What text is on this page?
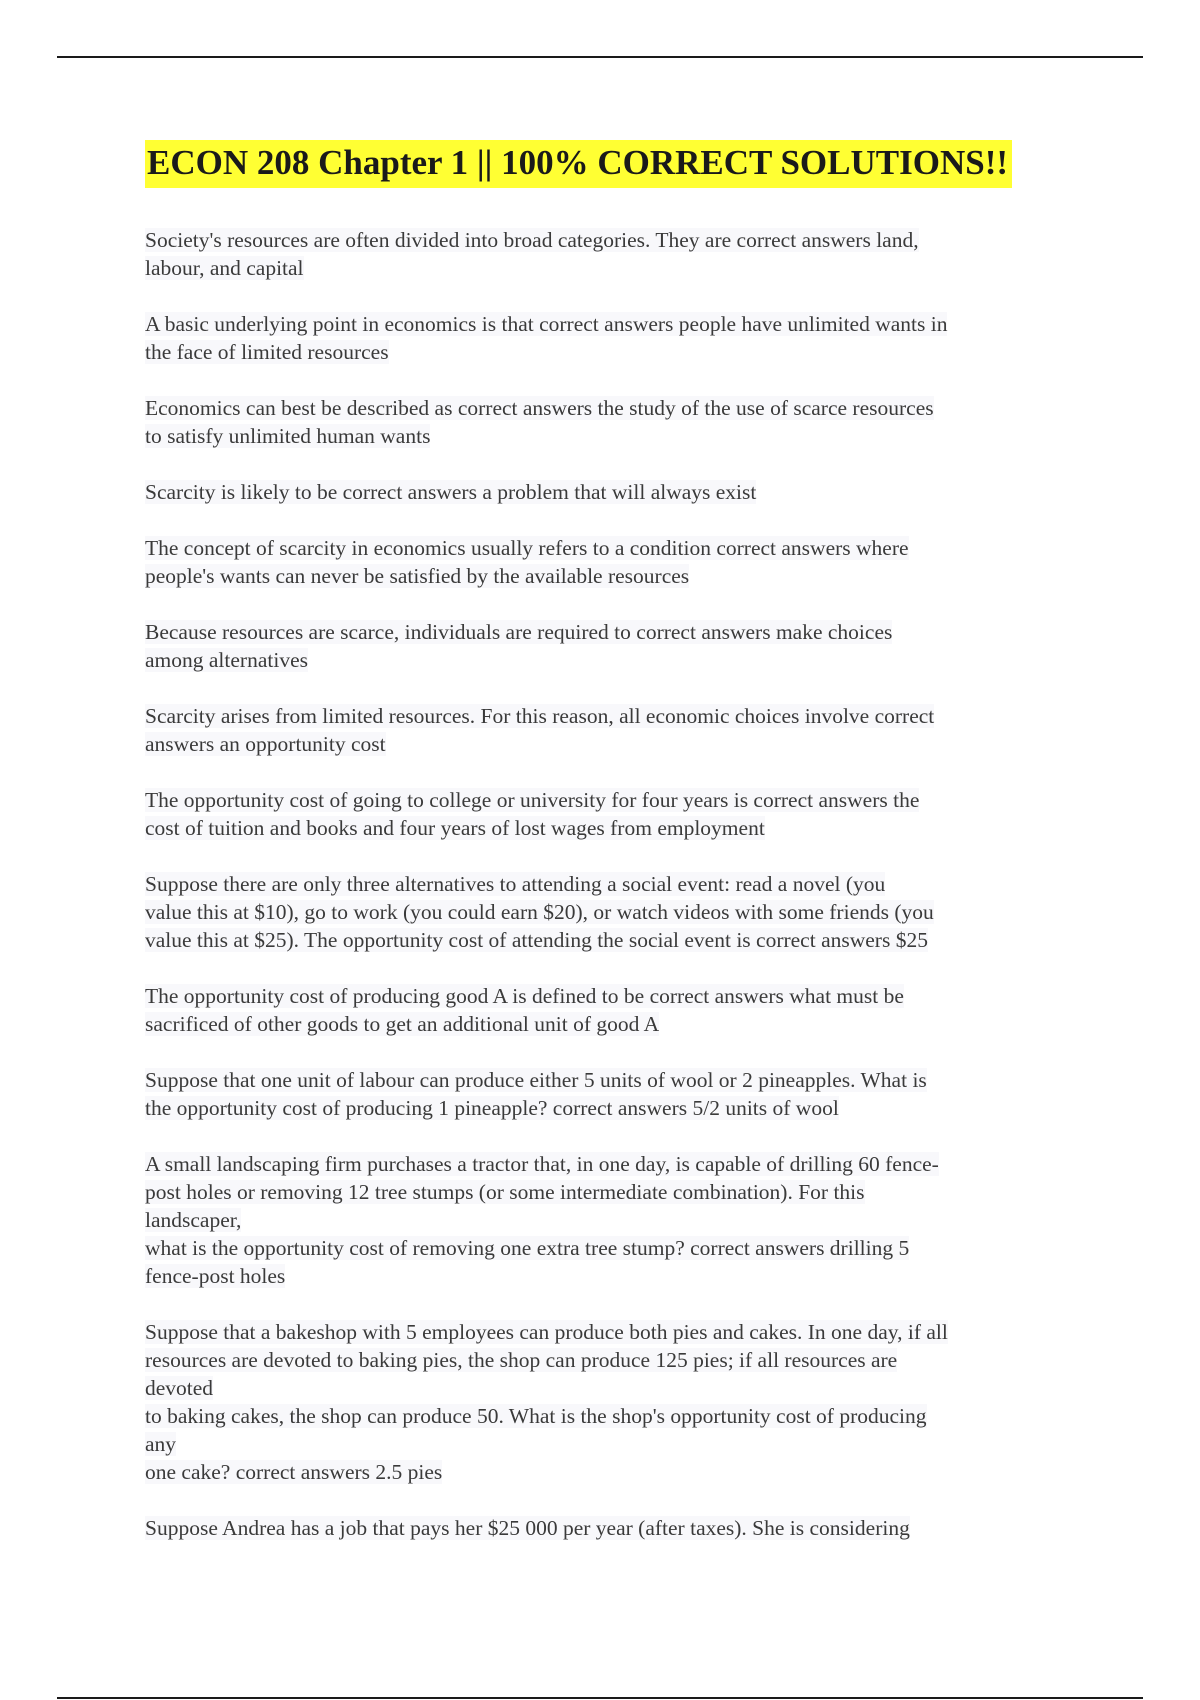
ECON 208 Chapter 1 || 100% CORRECT SOLUTIONS!!
Society's resources are often divided into broad categories. They are correct answers land,
labour, and capital
A basic underlying point in economics is that correct answers people have unlimited wants in
the face of limited resources
Economics can best be described as correct answers the study of the use of scarce resources
to satisfy unlimited human wants
Scarcity is likely to be correct answers a problem that will always exist
The concept of scarcity in economics usually refers to a condition correct answers where
people's wants can never be satisfied by the available resources
Because resources are scarce, individuals are required to correct answers make choices
among alternatives
Scarcity arises from limited resources. For this reason, all economic choices involve correct
answers an opportunity cost
The opportunity cost of going to college or university for four years is correct answers the
cost of tuition and books and four years of lost wages from employment
Suppose there are only three alternatives to attending a social event: read a novel (you
value this at $10), go to work (you could earn $20), or watch videos with some friends (you
value this at $25). The opportunity cost of attending the social event is correct answers $25
The opportunity cost of producing good A is defined to be correct answers what must be
sacrificed of other goods to get an additional unit of good A
Suppose that one unit of labour can produce either 5 units of wool or 2 pineapples. What is
the opportunity cost of producing 1 pineapple? correct answers 5/2 units of wool
A small landscaping firm purchases a tractor that, in one day, is capable of drilling 60 fence-
post holes or removing 12 tree stumps (or some intermediate combination). For this
landscaper,
what is the opportunity cost of removing one extra tree stump? correct answers drilling 5
fence-post holes
Suppose that a bakeshop with 5 employees can produce both pies and cakes. In one day, if all
resources are devoted to baking pies, the shop can produce 125 pies; if all resources are
devoted
to baking cakes, the shop can produce 50. What is the shop's opportunity cost of producing
any
one cake? correct answers 2.5 pies
Suppose Andrea has a job that pays her $25 000 per year (after taxes). She is considering
